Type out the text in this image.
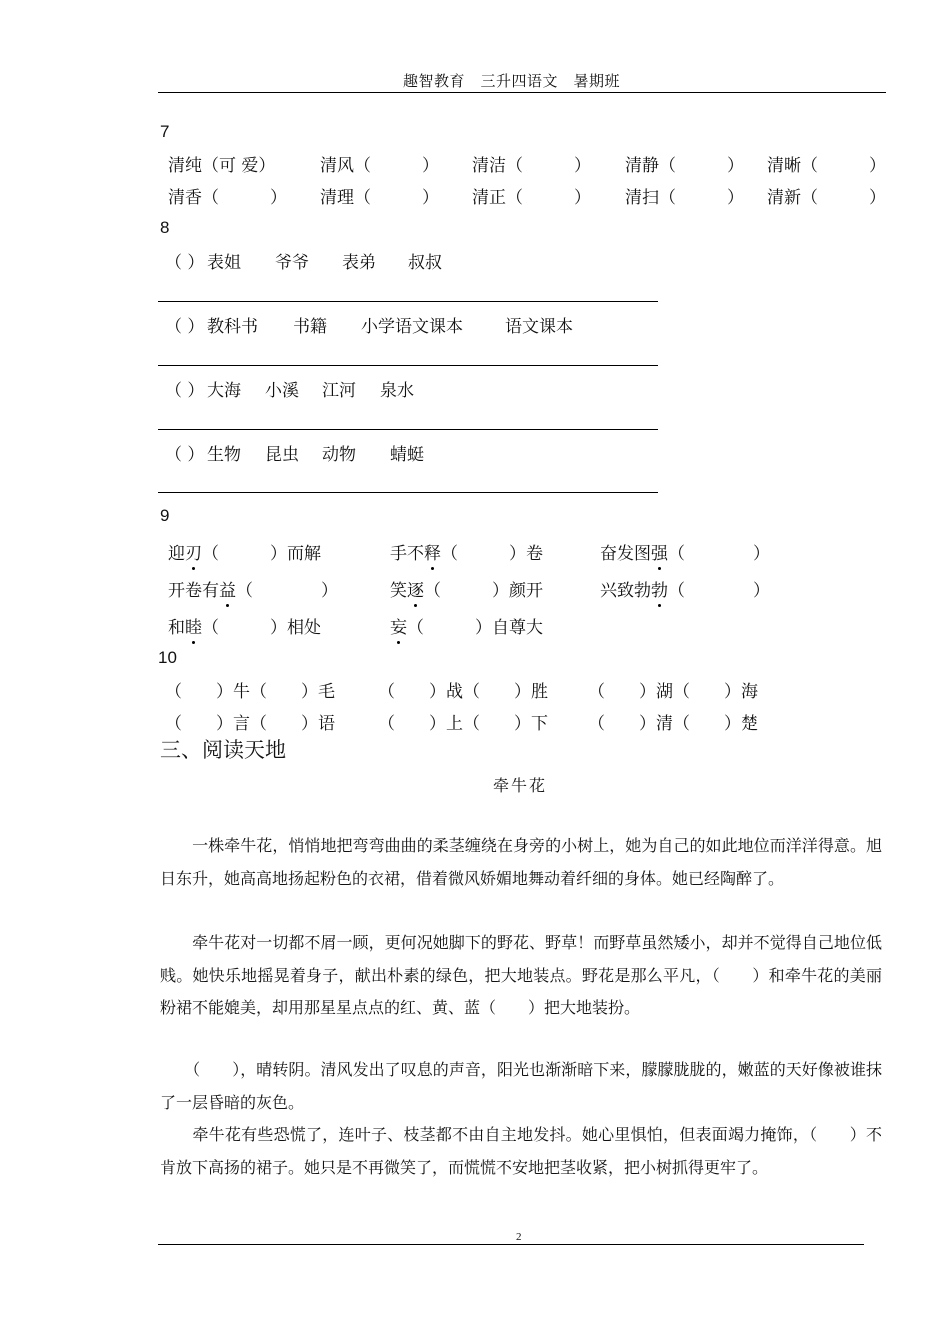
趣智教育　三升四语文　暑期班
7
清纯（可 爱）	清风（　　　） 清洁（　　　） 清静（　　　） 清晰（　　　）
清香（　　　） 清理（　　　） 清正（　　　） 清扫（　　　） 清新（　　　）
8
（ ） 表姐 爷爷 表弟 叔叔
（ ） 教科书 书籍 小学语文课本 语文课本
（ ） 大海 小溪 江河 泉水
（ ） 生物 昆虫 动物 蜻蜓
9
迎刃（　　　）而解	手不释（　　　）卷	奋发图强（　　　　）
开卷有益（　　　　）	笑逐（　　　）颜开	兴致勃勃（　　　　）
和睦（　　　）相处	妄（　　　）自尊大
10
（　　）牛（　　）毛	（　　）战（　　）胜 （　　）湖（　　）海
（　　）言（　　）语	（　　）上（　　）下 （　　）清（　　）楚
三、阅读天地
牵牛花
　　一株牵牛花，悄悄地把弯弯曲曲的柔茎缠绕在身旁的小树上，她为自己的如此地位而洋洋得意。旭日东升，她高高地扬起粉色的衣裙，借着微风娇媚地舞动着纤细的身体。她已经陶醉了。
　　牵牛花对一切都不屑一顾，更何况她脚下的野花、野草！而野草虽然矮小，却并不觉得自己地位低贱。她快乐地摇晃着身子，献出朴素的绿色，把大地装点。野花是那么平凡，（　　）和牵牛花的美丽粉裙不能媲美，却用那星星点点的红、黄、蓝（　　）把大地装扮。
　　（　　），晴转阴。清风发出了叹息的声音，阳光也渐渐暗下来，朦朦胧胧的，嫩蓝的天好像被谁抹了一层昏暗的灰色。
　　牵牛花有些恐慌了，连叶子、枝茎都不由自主地发抖。她心里惧怕，但表面竭力掩饰，（　　）不肯放下高扬的裙子。她只是不再微笑了，而慌慌不安地把茎收紧，把小树抓得更牢了。
2
